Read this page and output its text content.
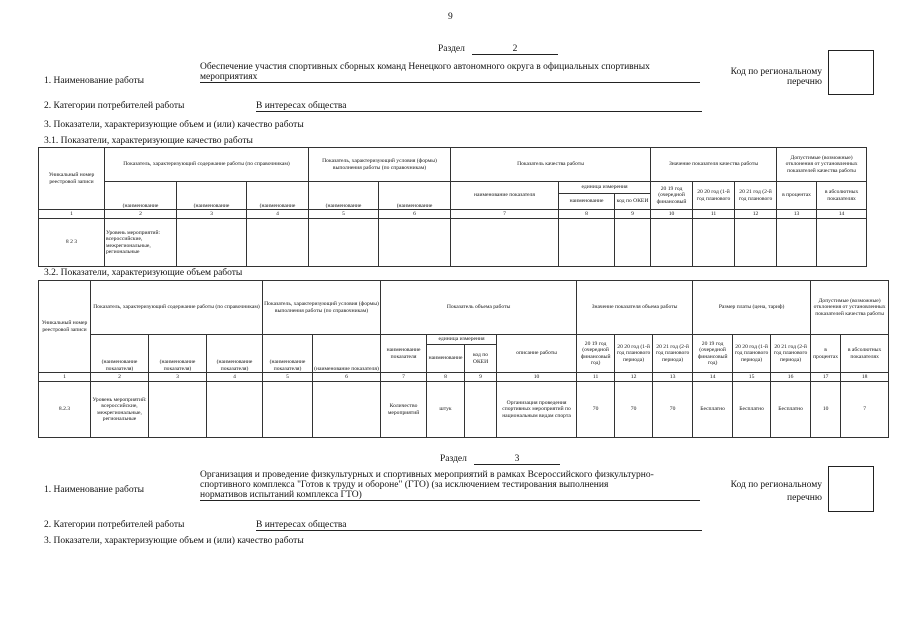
9
Раздел	2
1. Наименование работы
Обеспечение участия спортивных сборных команд Ненецкого автономного округа в официальных спортивных
мероприятиях	Код по региональному
перечню
2. Категории потребителей работы	В интересах общества
3. Показатели, характеризующие объем и (или) качество работы
3.1. Показатели, характеризующие качество работы
Уникальный номер реестровой записи	Показатель, характеризующий содержание работы (по справочникам)			Показатель, характеризующий условия (формы) выполнения работы (по справочникам)		Показатель качества работы			Значение показателя качества работы			Допустимые (возможные) отклонения от установленных показателей качества работы	
	(наименование	(наименование	(наименование	(наименование	(наименование	наименование показателя	единица измерения		20 19 год (очередной финансовый	20 20 год (1-й год планового	20 21 год (2-й год планового	в процентах	в абсолютных показателях
							наименование	код по ОКЕИ					
1	2	3	4	5	6	7	8	9	10	11	12	13	14
8 2 3	Уровень мероприятий: всероссийские, межрегиональные, региональные												
3.2. Показатели, характеризующие объем работы
Уникальный номер реестровой записи	Показатель, характеризующий содержание работы (по справочникам)			Показатель, характеризующий условия (формы) выполнения работы (по справочникам)		Показатель объема работы				Значение показателя объема работы			Размер платы (цена, тариф)			Допустимые (возможные) отклонения от установленных показателей качества работы	
	(наименование показателя)	(наименование показателя)	(наименование показателя)	(наименование показателя)	(наименование показателя)	наименование показателя	единица измерения		описание работы	20 19 год (очередной финансовый год)	20 20 год (1-й год планового периода)	20 21 год (2-й год планового периода)	20 19 год (очередной финансовый год)	20 20 год (1-й год планового периода)	20 21 год (2-й год планового периода)	в процентах	в абсолютных показателях
							наименование	код по ОКЕИ									
1	2	3	4	5	6	7	8	9	10	11	12	13	14	15	16	17	18
8.2.3	Уровень мероприятий: всероссийские, межрегиональные, региональные					Количество мероприятий	штук		Организация проведения спортивных мероприятий по национальным видам спорта	70	70	70	Бесплатно	Бесплатно	Бесплатно	10	7
Раздел	3
1. Наименование работы
Организация и проведение физкультурных и спортивных мероприятий в рамках Всероссийского физкультурно-
спортивного комплекса "Готов к труду и обороне" (ГТО) (за исключением тестирования выполнения
нормативов испытаний комплекса ГТО)
Код по региональному
перечню
2. Категории потребителей работы	В интересах общества
3. Показатели, характеризующие объем и (или) качество работы
